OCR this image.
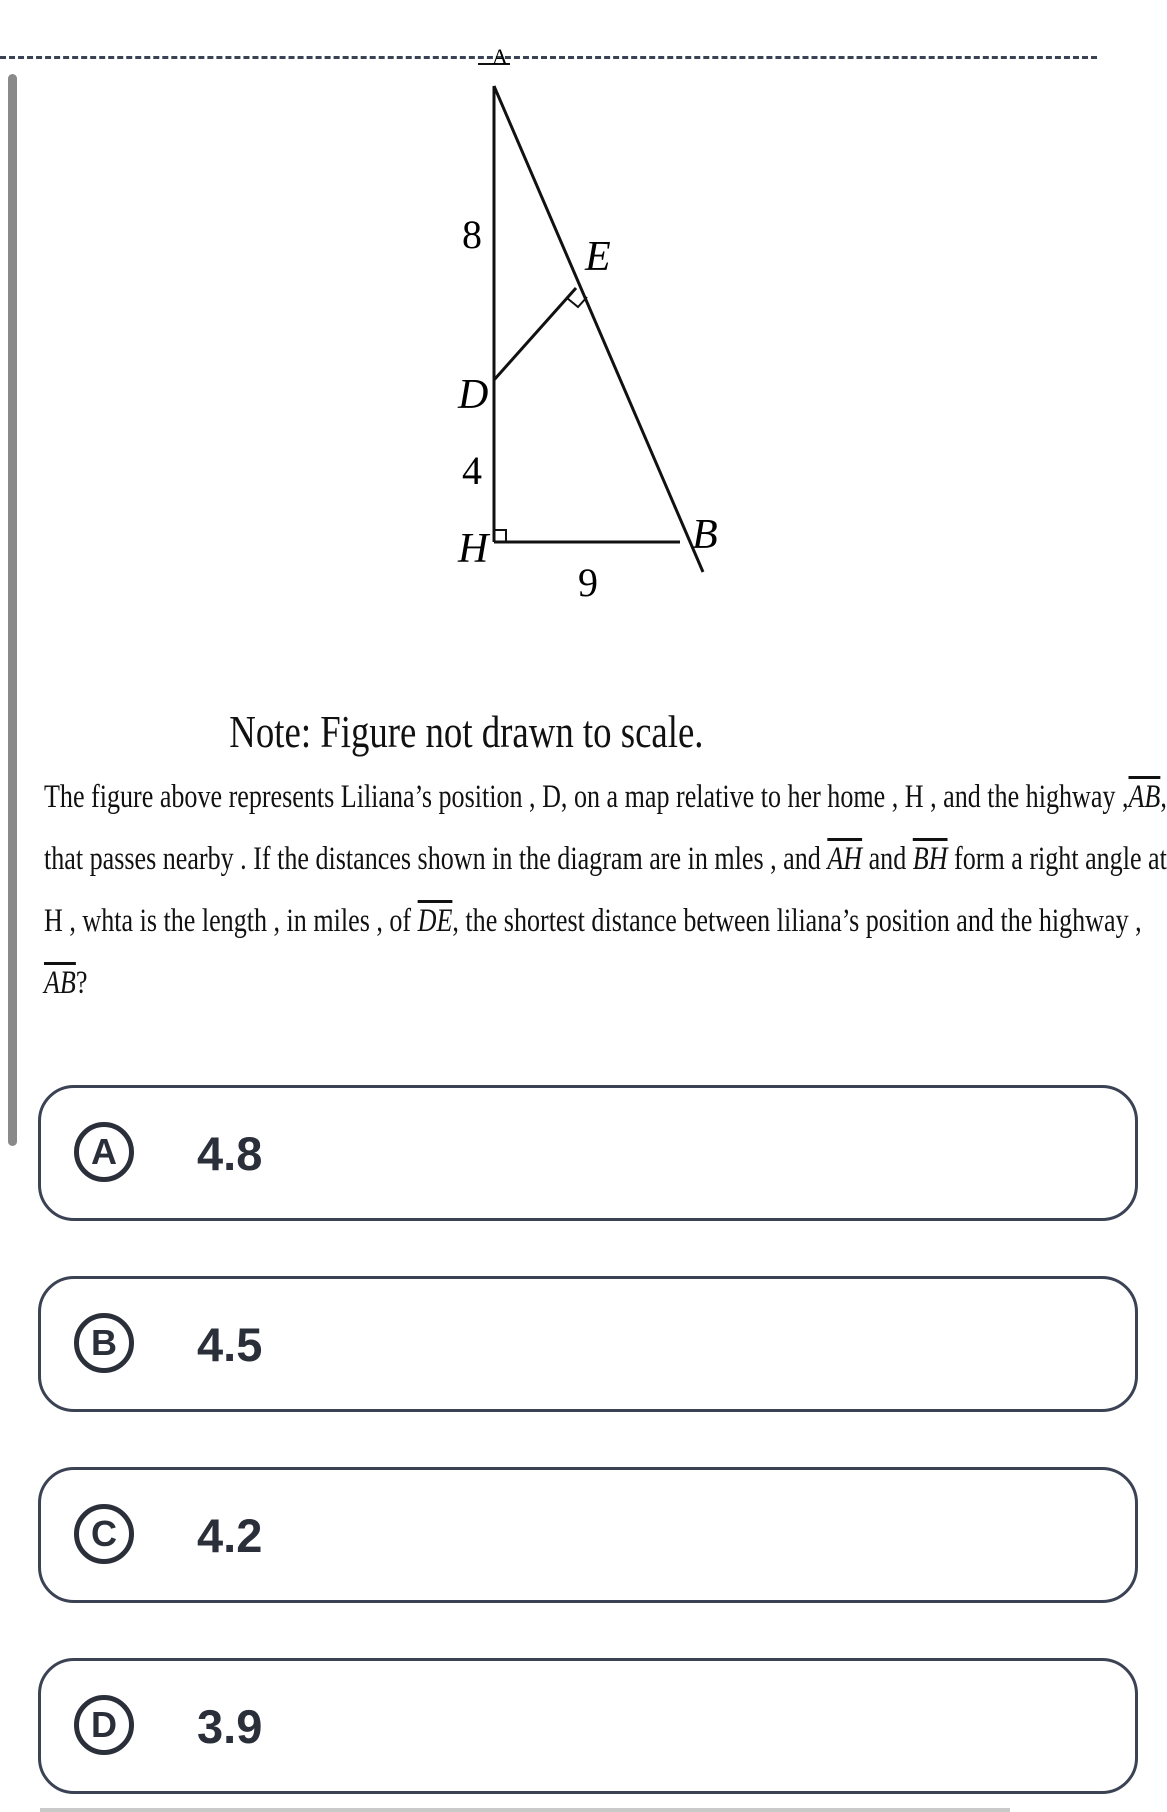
A
E
D
H	B
8
4
9
Note: Figure not drawn to scale.
The figure above represents Liliana’s position , D, on a map relative to her home , H , and the highway $,\overline{AB}$,
that passes nearby . If the distances shown in the diagram are in mles , and $\overline{AH}$ and $\overline{BH}$ form a right angle at
H , whta is the length , in miles , of $\overline{DE}$, the shortest distance between liliana’s position and the highway ,
$\overline{AB}$?
A	4.8
B	4.5
C	4.2
D	3.9
